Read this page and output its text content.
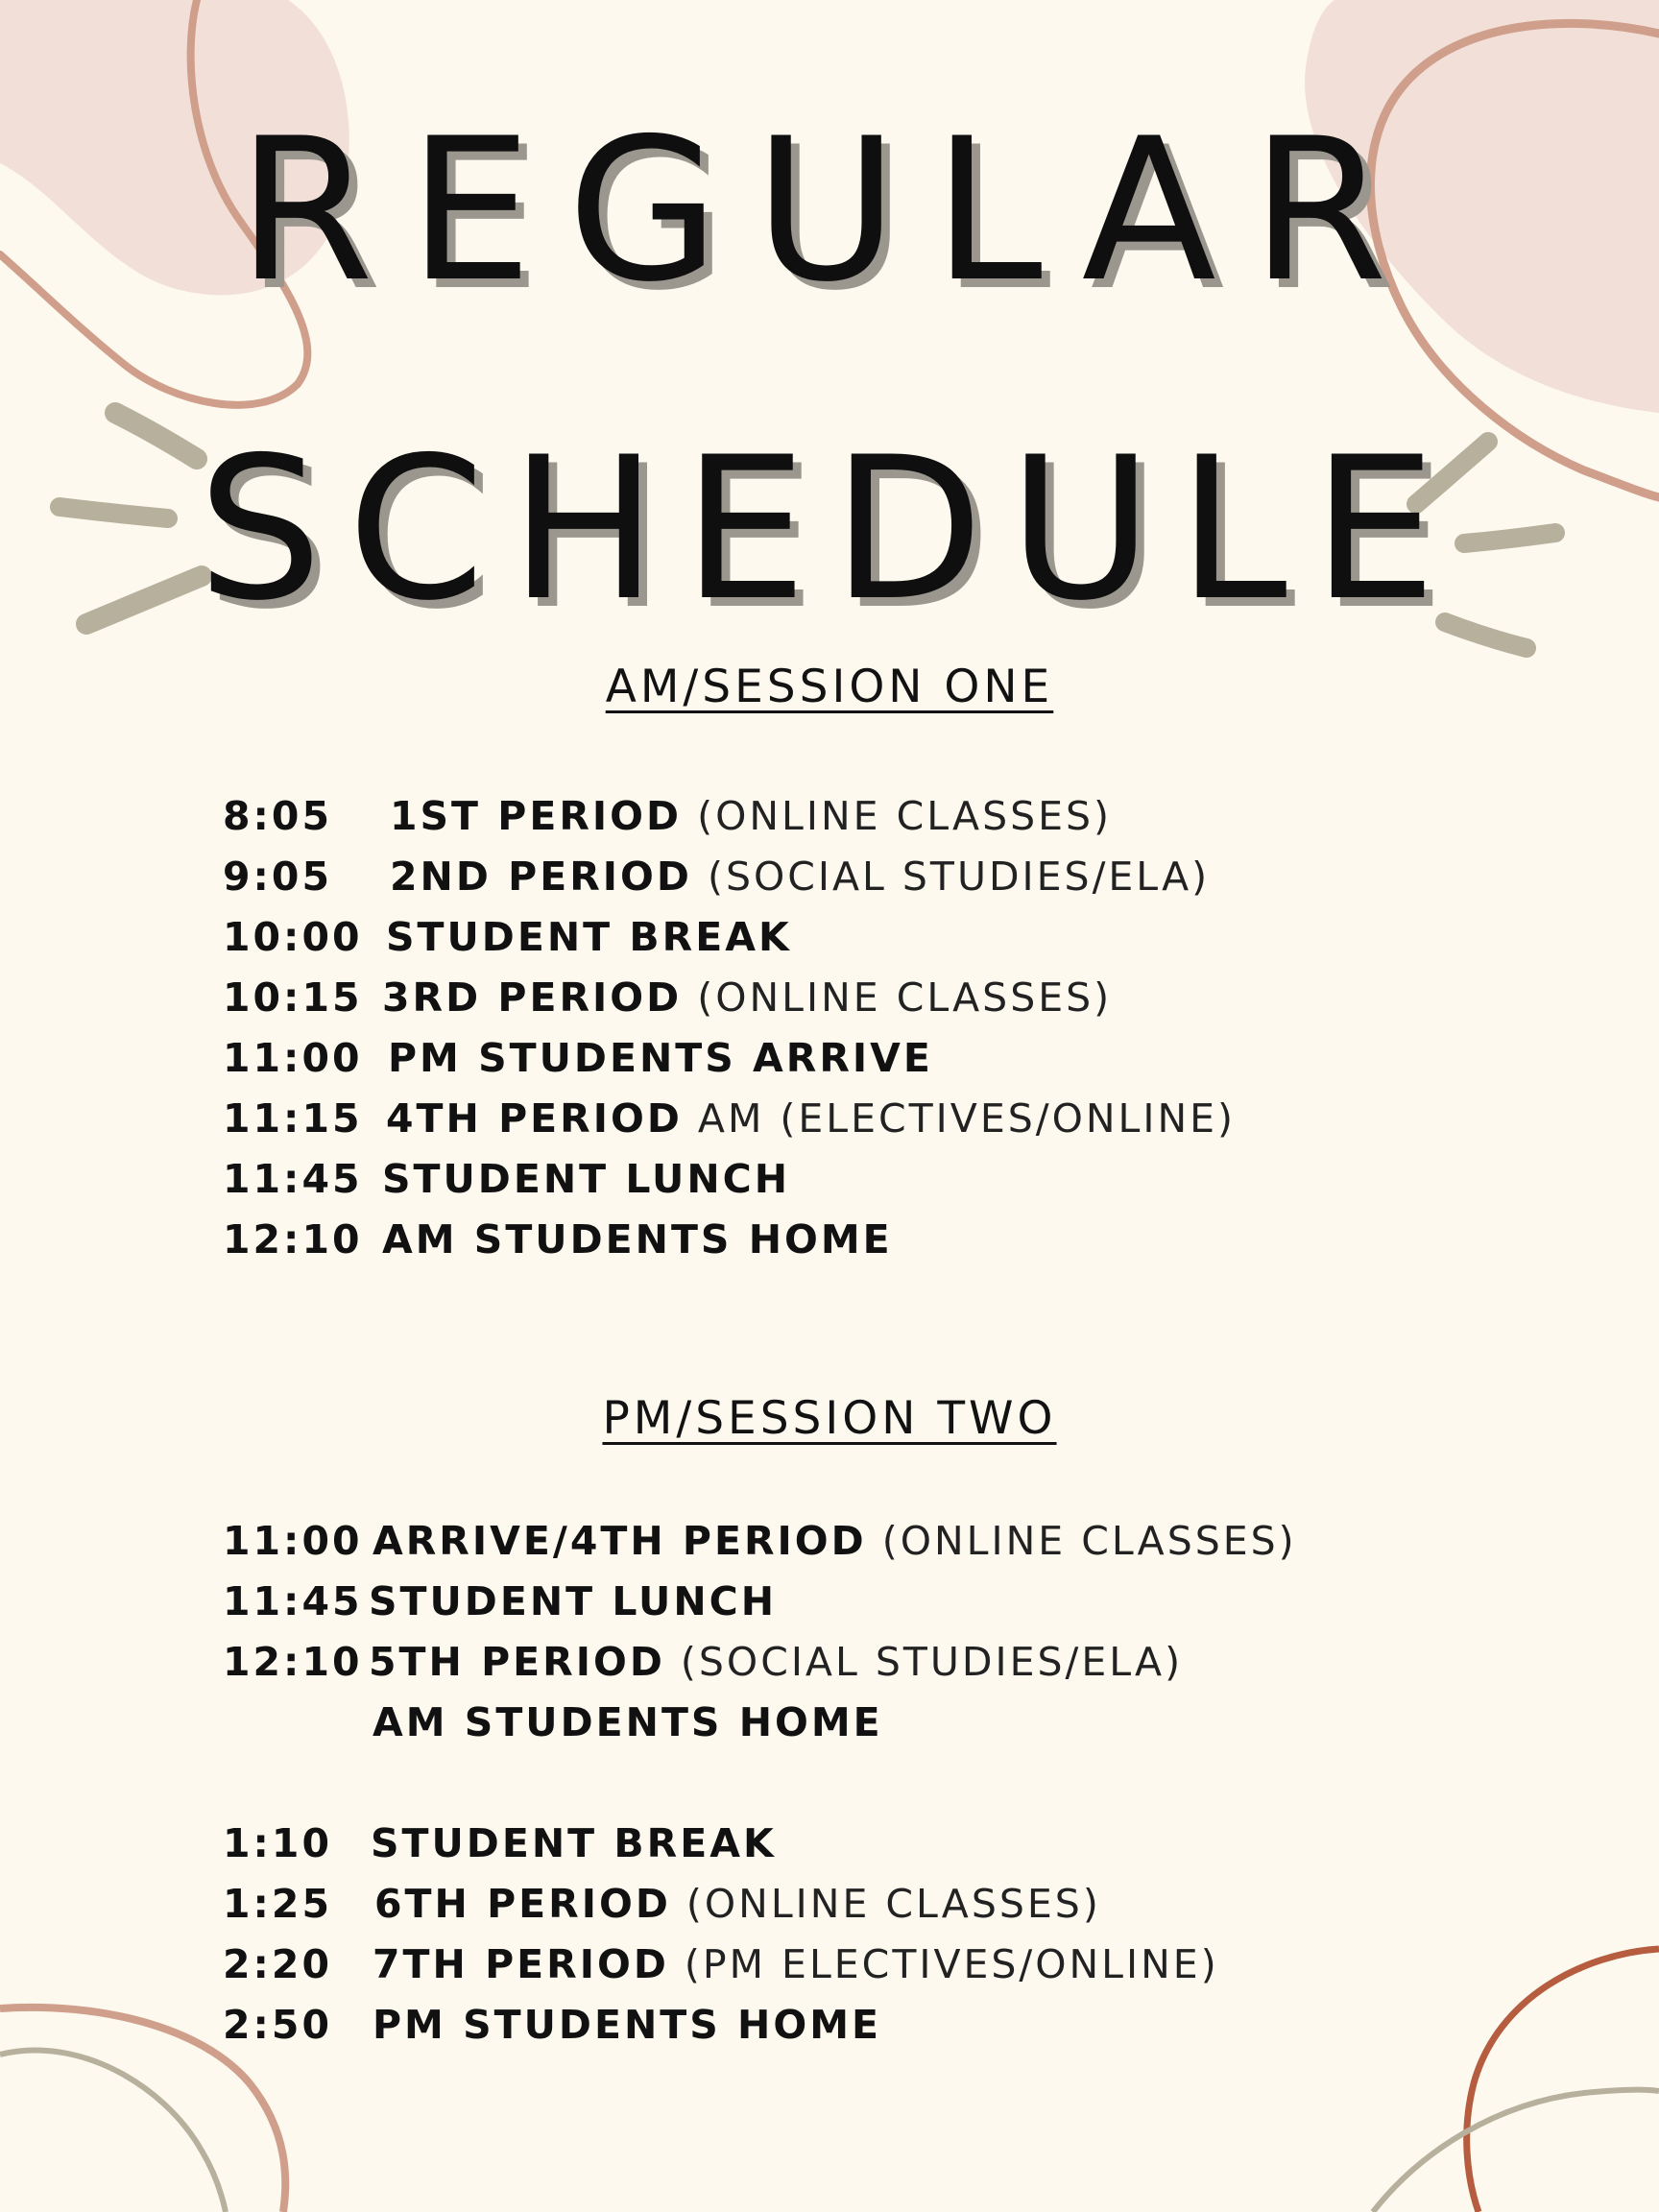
REGULAR
SCHEDULE
AM/SESSION ONE
8:05 1ST PERIOD (ONLINE CLASSES)
9:05 2ND PERIOD (SOCIAL STUDIES/ELA)
10:00 STUDENT BREAK
10:15 3RD PERIOD (ONLINE CLASSES)
11:00 PM STUDENTS ARRIVE
11:15 4TH PERIOD AM (ELECTIVES/ONLINE)
11:45 STUDENT LUNCH
12:10 AM STUDENTS HOME
PM/SESSION TWO
11:00 ARRIVE/4TH PERIOD (ONLINE CLASSES)
11:45 STUDENT LUNCH
12:10 5TH PERIOD (SOCIAL STUDIES/ELA)
AM STUDENTS HOME
1:10 STUDENT BREAK
1:25 6TH PERIOD (ONLINE CLASSES)
2:20 7TH PERIOD (PM ELECTIVES/ONLINE)
2:50 PM STUDENTS HOME
